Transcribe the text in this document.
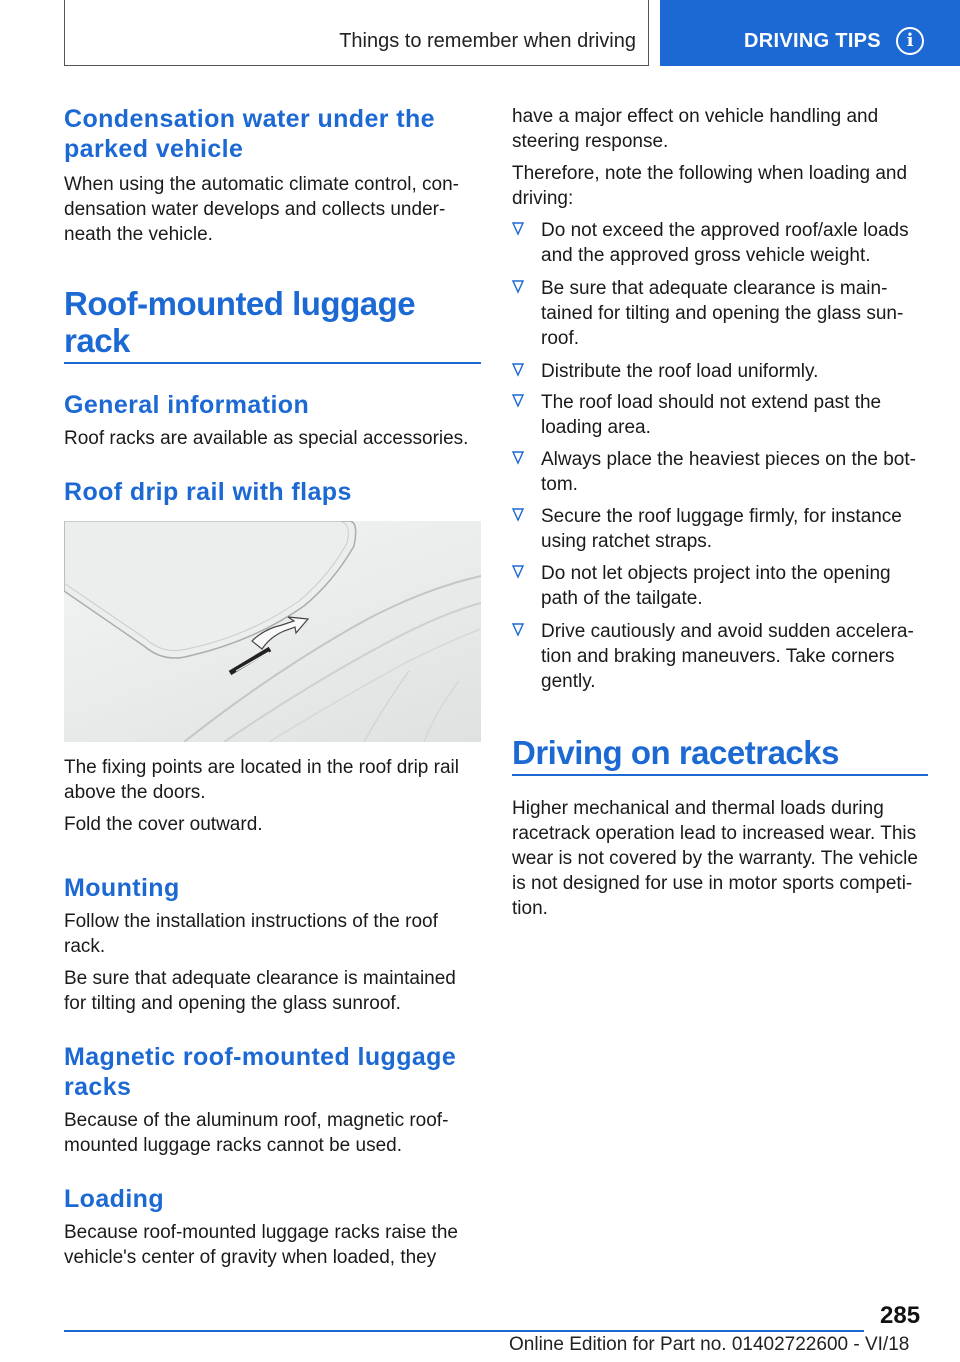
Things to remember when driving	DRIVING TIPS	i
Condensation water under the
parked vehicle
When using the automatic climate control, con‐
densation water develops and collects under‐
neath the vehicle.
Roof-mounted luggage
rack
General information
Roof racks are available as special accessories.
Roof drip rail with flaps
The fixing points are located in the roof drip rail
above the doors.
Fold the cover outward.
Mounting
Follow the installation instructions of the roof
rack.
Be sure that adequate clearance is maintained
for tilting and opening the glass sunroof.
Magnetic roof-mounted luggage
racks
Because of the aluminum roof, magnetic roof‐
mounted luggage racks cannot be used.
Loading
Because roof-mounted luggage racks raise the
vehicle's center of gravity when loaded, they
have a major effect on vehicle handling and
steering response.
Therefore, note the following when loading and
driving:
Do not exceed the approved roof/axle loads
and the approved gross vehicle weight.
Be sure that adequate clearance is main‐
tained for tilting and opening the glass sun‐
roof.
Distribute the roof load uniformly.
The roof load should not extend past the
loading area.
Always place the heaviest pieces on the bot‐
tom.
Secure the roof luggage firmly, for instance
using ratchet straps.
Do not let objects project into the opening
path of the tailgate.
Drive cautiously and avoid sudden accelera‐
tion and braking maneuvers. Take corners
gently.
Driving on racetracks
Higher mechanical and thermal loads during
racetrack operation lead to increased wear. This
wear is not covered by the warranty. The vehicle
is not designed for use in motor sports competi‐
tion.
285
Online Edition for Part no. 01402722600 - VI/18
